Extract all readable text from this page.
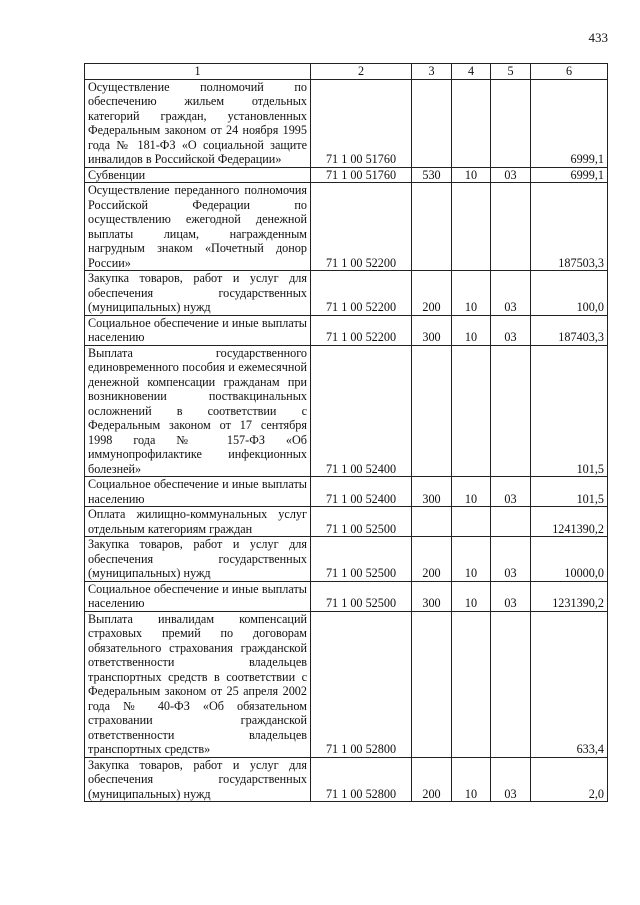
433
1	2	3	4	5	6
Осуществление полномочий по обеспечению жильем отдельных категорий граждан, установленных Федеральным законом от 24 ноября 1995 года № 181-ФЗ «О социальной защите инвалидов в Российской Федерации»	71 1 00 51760				6999,1
Субвенции	71 1 00 51760	530	10	03	6999,1
Осуществление переданного полномочия Российской Федерации по осуществлению ежегодной денежной выплаты лицам, награжденным нагрудным знаком «Почетный донор России»	71 1 00 52200				187503,3
Закупка товаров, работ и услуг для обеспечения государственных (муниципальных) нужд	71 1 00 52200	200	10	03	100,0
Социальное обеспечение и иные выплаты населению	71 1 00 52200	300	10	03	187403,3
Выплата государственного единовременного пособия и ежемесячной денежной компенсации гражданам при возникновении поствакцинальных осложнений в соответствии с Федеральным законом от 17 сентября 1998 года № 157-ФЗ «Об иммунопрофилактике инфекционных болезней»	71 1 00 52400				101,5
Социальное обеспечение и иные выплаты населению	71 1 00 52400	300	10	03	101,5
Оплата жилищно-коммунальных услуг отдельным категориям граждан	71 1 00 52500				1241390,2
Закупка товаров, работ и услуг для обеспечения государственных (муниципальных) нужд	71 1 00 52500	200	10	03	10000,0
Социальное обеспечение и иные выплаты населению	71 1 00 52500	300	10	03	1231390,2
Выплата инвалидам компенсаций страховых премий по договорам обязательного страхования гражданской ответственности владельцев транспортных средств в соответствии с Федеральным законом от 25 апреля 2002 года № 40-ФЗ «Об обязательном страховании гражданской ответственности владельцев транспортных средств»	71 1 00 52800				633,4
Закупка товаров, работ и услуг для обеспечения государственных (муниципальных) нужд	71 1 00 52800	200	10	03	2,0
